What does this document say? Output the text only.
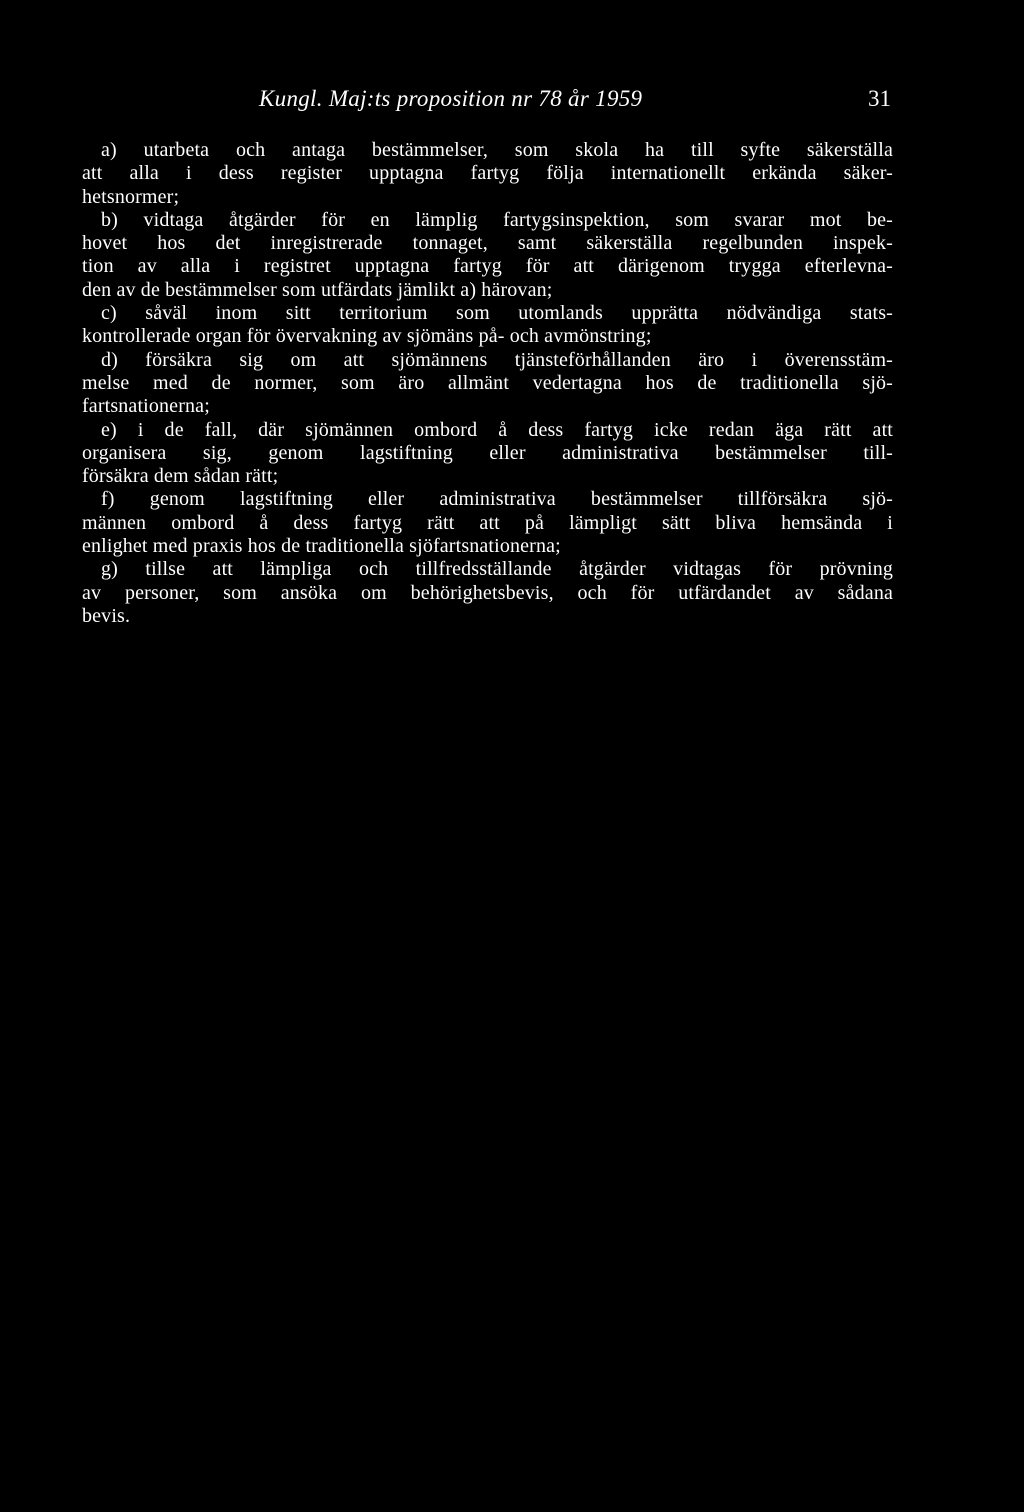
Kungl. Maj:ts proposition nr 78 år 1959	31
a) utarbeta och antaga bestämmelser, som skola ha till syfte säkerställa
att alla i dess register upptagna fartyg följa internationellt erkända säker-
hetsnormer;
b) vidtaga åtgärder för en lämplig fartygsinspektion, som svarar mot be-
hovet hos det inregistrerade tonnaget, samt säkerställa regelbunden inspek-
tion av alla i registret upptagna fartyg för att därigenom trygga efterlevna-
den av de bestämmelser som utfärdats jämlikt a) härovan;
c) såväl inom sitt territorium som utomlands upprätta nödvändiga stats-
kontrollerade organ för övervakning av sjömäns på- och avmönstring;
d) försäkra sig om att sjömännens tjänsteförhållanden äro i överensstäm-
melse med de normer, som äro allmänt vedertagna hos de traditionella sjö-
fartsnationerna;
e) i de fall, där sjömännen ombord å dess fartyg icke redan äga rätt att
organisera sig, genom lagstiftning eller administrativa bestämmelser till-
försäkra dem sådan rätt;
f) genom lagstiftning eller administrativa bestämmelser tillförsäkra sjö-
männen ombord å dess fartyg rätt att på lämpligt sätt bliva hemsända i
enlighet med praxis hos de traditionella sjöfartsnationerna;
g) tillse att lämpliga och tillfredsställande åtgärder vidtagas för prövning
av personer, som ansöka om behörighetsbevis, och för utfärdandet av sådana
bevis.
